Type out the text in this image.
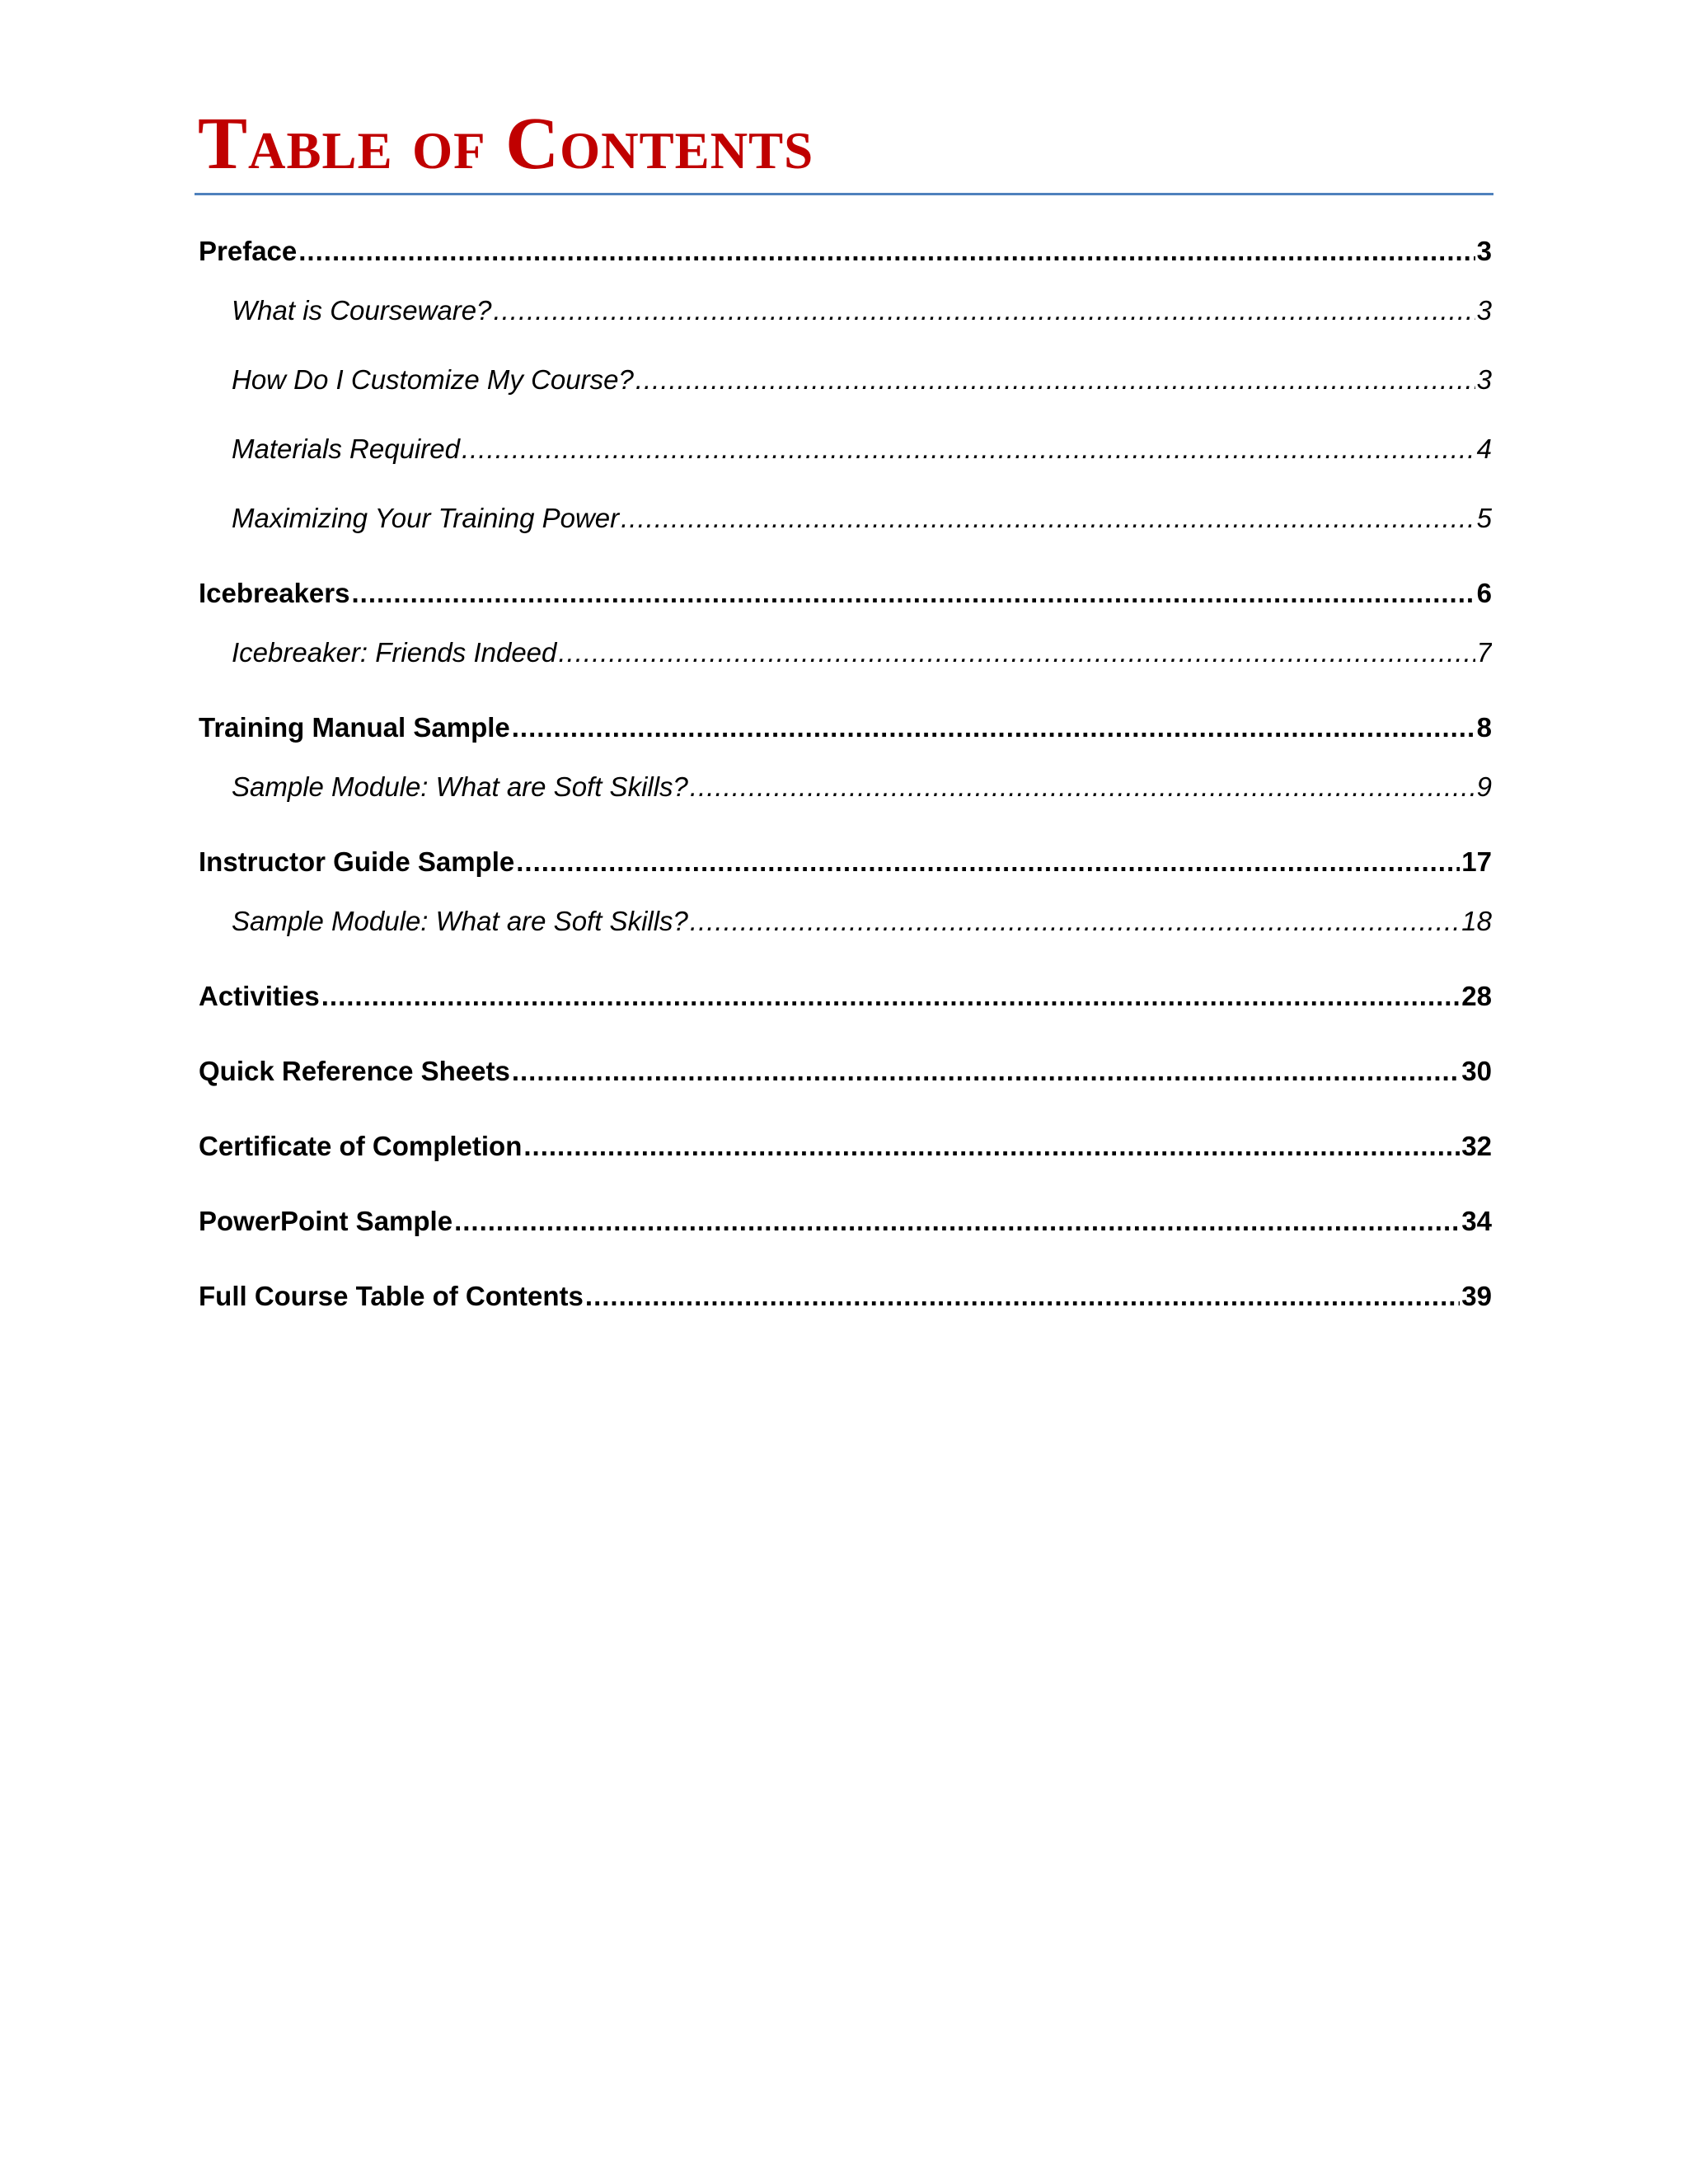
Table of Contents
Preface .....	3
What is Courseware? .....	3
How Do I Customize My Course? .....	3
Materials Required .....	4
Maximizing Your Training Power .....	5
Icebreakers .....	6
Icebreaker: Friends Indeed .....	7
Training Manual Sample .....	8
Sample Module: What are Soft Skills? .....	9
Instructor Guide Sample .....	17
Sample Module: What are Soft Skills? .....	18
Activities .....	28
Quick Reference Sheets .....	30
Certificate of Completion .....	32
PowerPoint Sample .....	34
Full Course Table of Contents .....	39
